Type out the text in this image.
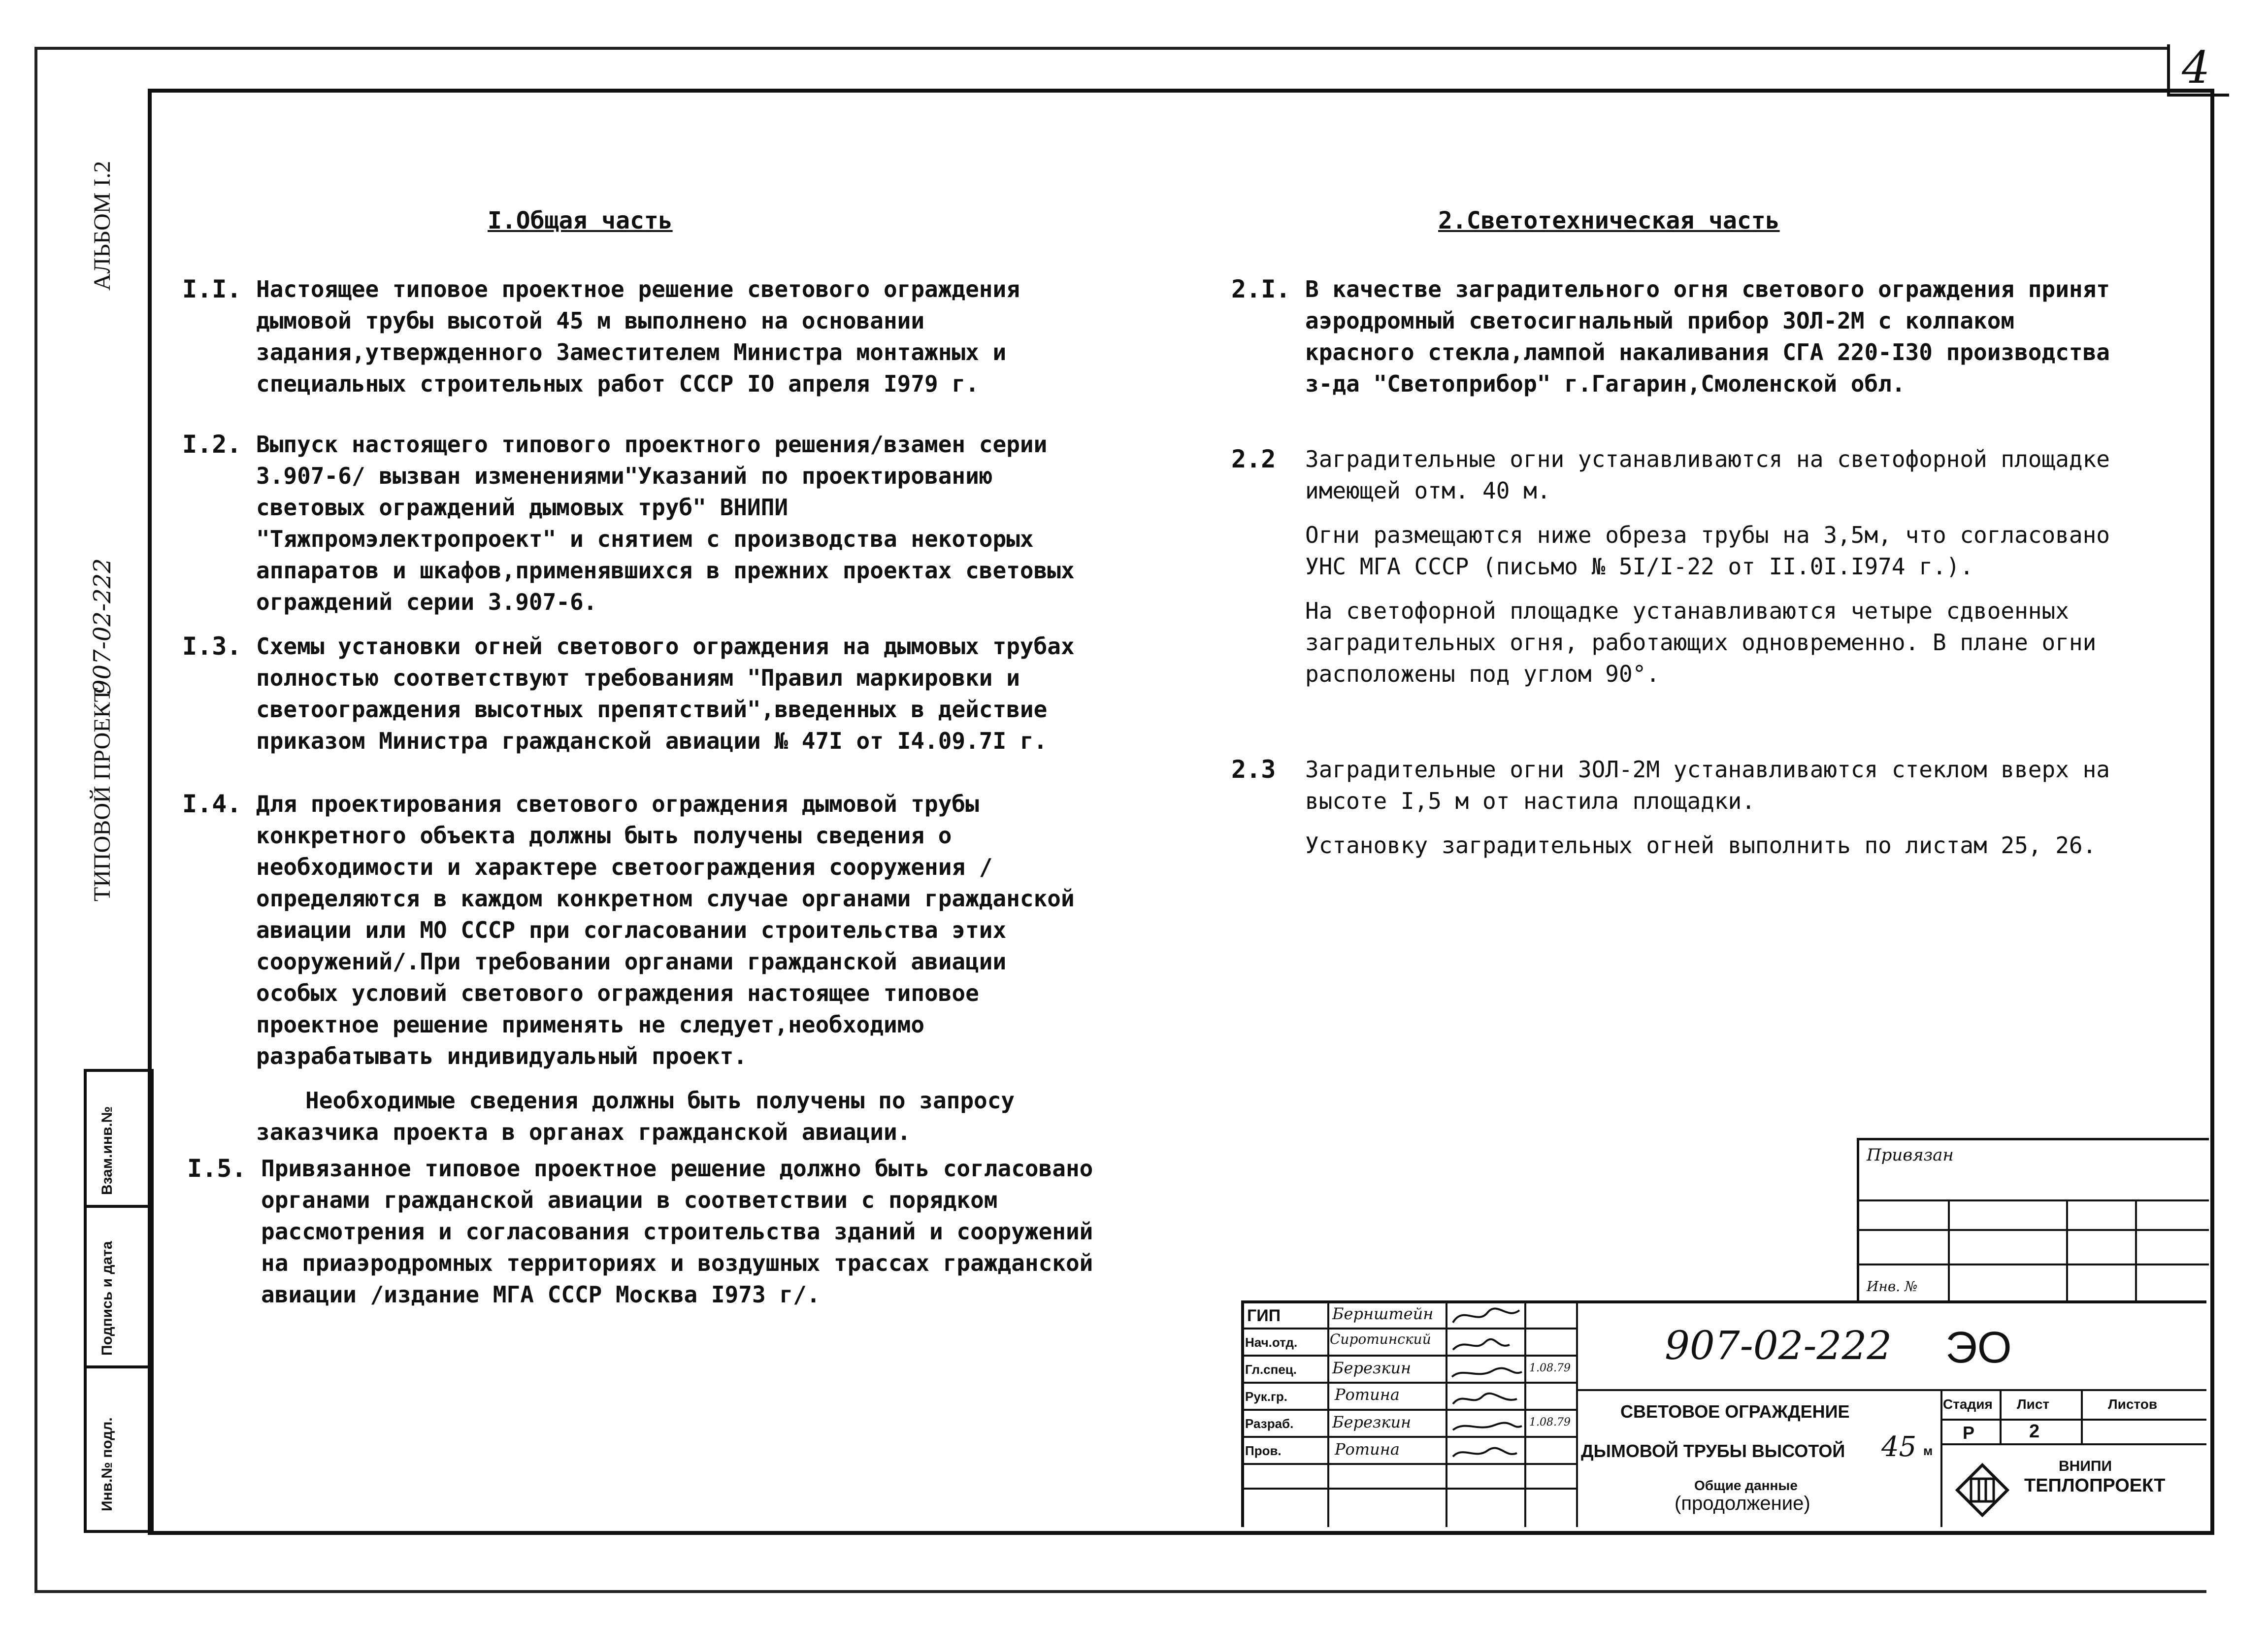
4
АЛЬБОМ I.2
ТИПОВОЙ ПРОЕКТ
907-02-222
Взам.инв.№
Подпись и дата
Инв.№ подл.
I.Общая часть
I.I. Настоящее типовое проектное решение светового ограждения дымовой трубы высотой 45 м выполнено на основании задания,утвержденного Заместителем Министра монтажных и специальных строительных работ СССР IO апреля I979 г.

I.2. Выпуск настоящего типового проектного решения/взамен серии 3.907-6/ вызван изменениями"Указаний по проектированию световых ограждений дымовых труб" ВНИПИ "Тяжпромэлектропроект" и снятием с производства некоторых аппаратов и шкафов,применявшихся в прежних проектах световых ограждений серии 3.907-6.

I.3. Схемы установки огней светового ограждения на дымовых трубах полностью соответствуют требованиям "Правил маркировки и светоограждения высотных препятствий",введенных в действие приказом Министра гражданской авиации № 47I от I4.09.7I г.

I.4. Для проектирования светового ограждения дымовой трубы конкретного объекта должны быть получены сведения о необходимости и характере светоограждения сооружения /определяются в каждом конкретном случае органами гражданской авиации или МО СССР при согласовании строительства этих сооружений/.При требовании органами гражданской авиации особых условий светового ограждения настоящее типовое проектное решение применять не следует,необходимо разрабатывать индивидуальный проект.

Необходимые сведения должны быть получены по запросу заказчика проекта в органах гражданской авиации.

I.5. Привязанное типовое проектное решение должно быть согласовано органами гражданской авиации в соответствии с порядком рассмотрения и согласования строительства зданий и сооружений на приаэродромных территориях и воздушных трассах гражданской авиации /издание МГА СССР Москва I973 г/.

2.Светотехническая часть
2.I. В качестве заградительного огня светового ограждения принят аэродромный светосигнальный прибор ЗОЛ-2М с колпаком красного стекла,лампой накаливания СГА 220-I30 производства з-да "Светоприбор" г.Гагарин,Смоленской обл.

2.2 Заградительные огни устанавливаются на светофорной площадке имеющей отм. 40 м.

Огни размещаются ниже обреза трубы на 3,5м, что согласовано УНС МГА СССР (письмо № 5I/I-22 от II.0I.I974 г.).

На светофорной площадке устанавливаются четыре сдвоенных заградительных огня, работающих одновременно. В плане огни расположены под углом 90°.

2.3 Заградительные огни ЗОЛ-2М устанавливаются стеклом вверх на высоте I,5 м от настила площадки.

Установку заградительных огней выполнить по листам 25, 26.

Привязан
Инв. №
ГИП
Нач.отд.
Гл.спец.
Рук.гр.
Разраб.
Пров.
Бернштейн
Сиротинский
Березкин
Ротина
Березкин
Ротина
1.08.79
1.08.79
907-02-222 ЭО
СВЕТОВОЕ ОГРАЖДЕНИЕ
ДЫМОВОЙ ТРУБЫ ВЫСОТОЙ 45 м
Общие данные
(продолжение)
Стадия Лист	Листов
Р	2
ВНИПИ
ТЕПЛОПРОЕКТ
